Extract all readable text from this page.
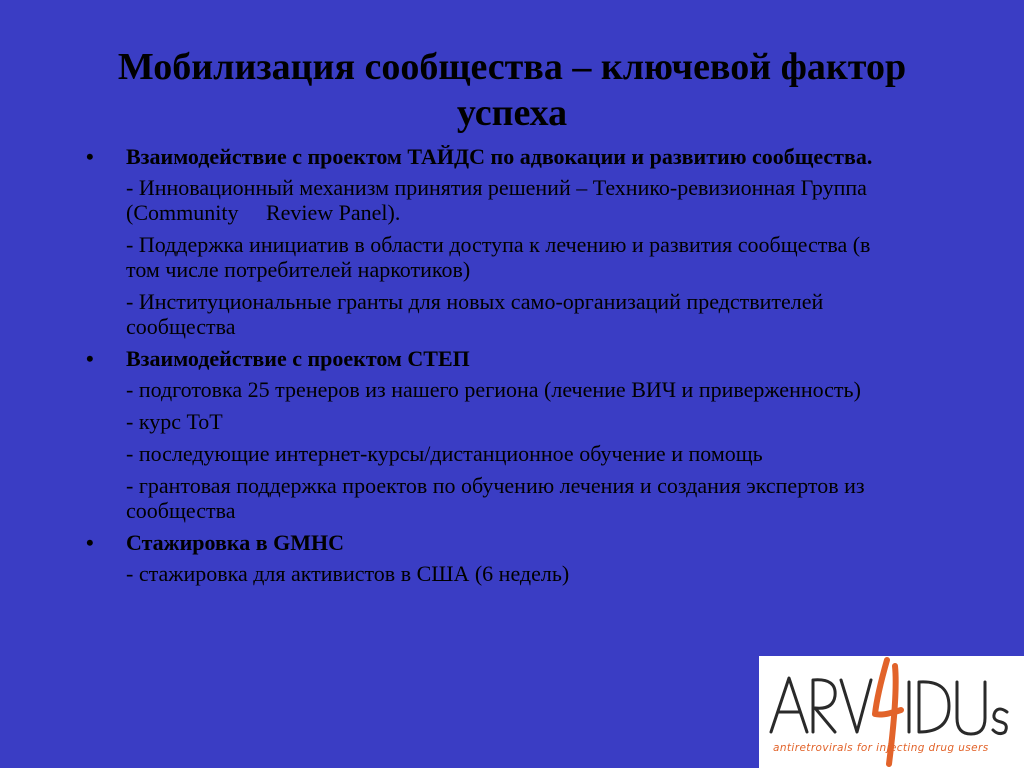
Мобилизация сообщества – ключевой фактор успеха
• Взаимодействие с проектом ТАЙДС по адвокации и развитию сообщества.
- Инновационный механизм принятия решений – Технико-ревизионная Группа (Community     Review Panel).
- Поддержка инициатив в области доступа к лечению и развития сообщества (в том числе потребителей наркотиков)
- Институциональные гранты для новых само-организаций предствителей сообщества
• Взаимодействие с проектом СТЕП
- подготовка 25 тренеров из нашего региона (лечение ВИЧ и приверженность)
- курс ТоТ
- последующие интернет-курсы/дистанционное обучение и помощь
- грантовая поддержка проектов по обучению лечения и создания экспертов из сообщества
• Стажировка в GMHC
- стажировка для активистов в США (6 недель)
antiretrovirals for injecting drug users
